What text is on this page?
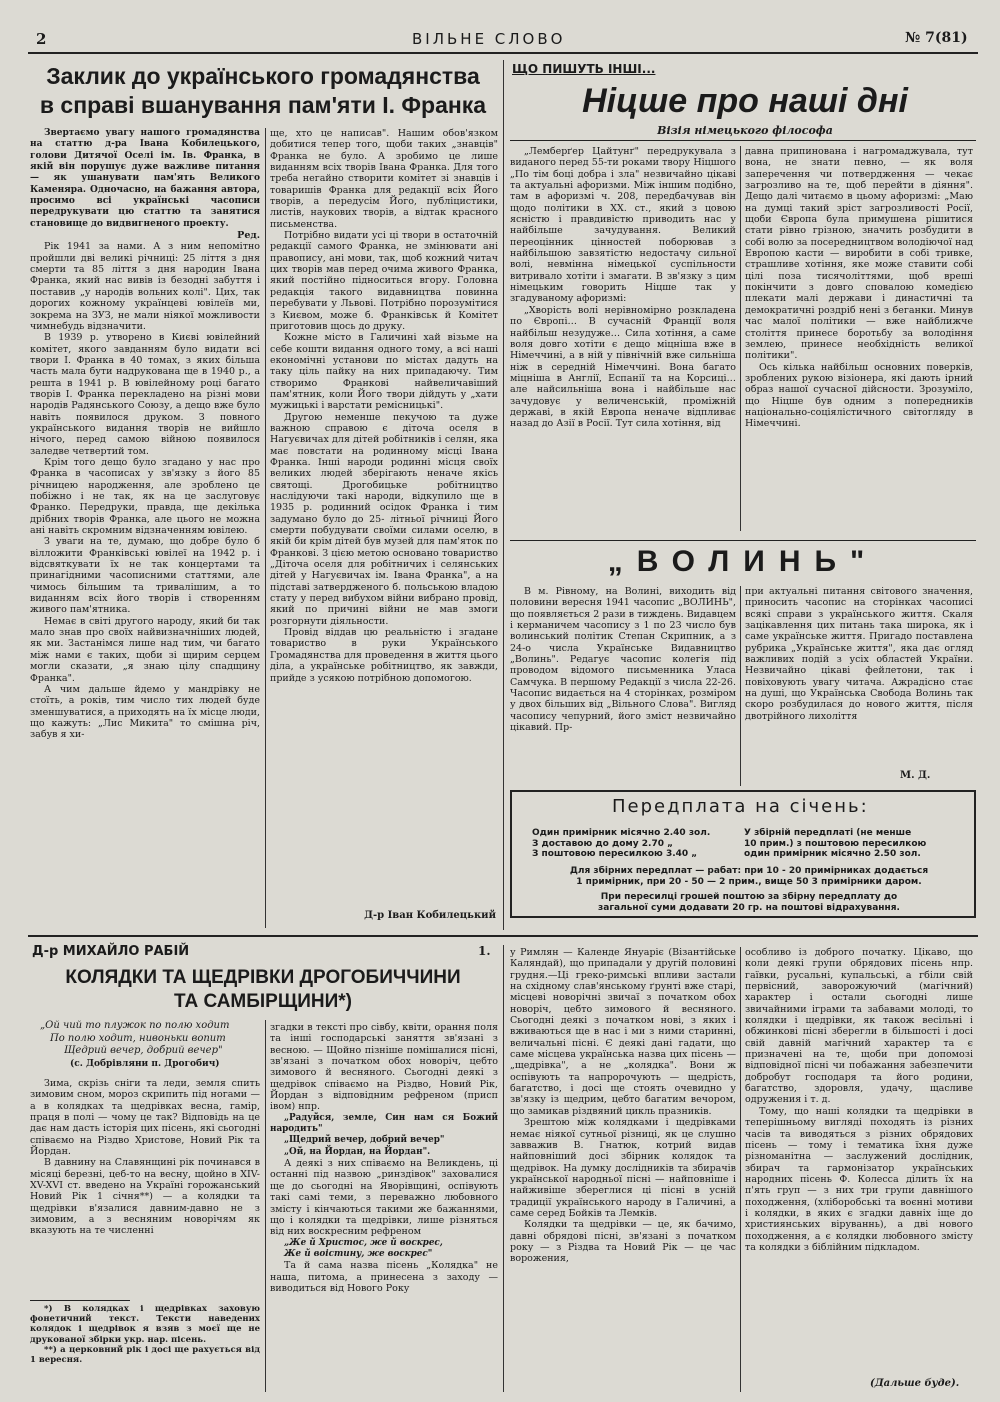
2	ВІЛЬНЕ СЛОВО	№ 7(81)
Заклик до українського громадянства
в справі вшанування пам'яти І. Франка

Звертаємо увагу нашого громадянства на статтю д-ра Івана Кобилецького, голови Дитячої Оселі ім. Ів. Франка, в якій він порушує дуже важливе питання — як ушанувати пам'ять Великого Каменяра. Одночасно, на бажання автора, просимо всі українські часописи передрукувати цю статтю та занятися становище до видвигненого проекту.

Ред.

Рік 1941 за нами. А з ним непомітно пройшли дві великі річниці: 25 ліття з дня смерти та 85 ліття з дня народин Івана Франка, який нас вивів із безодні забуття і поставив „у народів вольних колі". Цих, так дорогих кожному українцеві ювілеїв ми, зокрема на ЗУЗ, не мали ніякої можливости чимнебудь відзначити.

В 1939 р. утворено в Києві ювілейний комітет, якого завданням було видати всі твори І. Франка в 40 томах, з яких більша часть мала бути надрукована ще в 1940 р., а решта в 1941 р. В ювілейному році багато творів І. Франка перекладено на різні мови народів Радянського Союзу, а дещо вже було навіть появилося друком. З повного українського видання творів не вийшло нічого, перед самою війною появилося заледве четвертий том.

Крім того дещо було згадано у нас про Франка в часописах у зв'язку з його 85 річницею народження, але зроблено це побіжно і не так, як на це заслуговує Франко. Передруки, правда, ще декілька дрібних творів Франка, але цього не можна ані навіть скромним відзначенням ювілею.

З уваги на те, думаю, що добре було б вілложити Франківські ювілеї на 1942 р. і відсвяткувати їх не так концертами та принагідними часописними статтями, але чимось більшим та тривалішим, а то виданням всіх його творів і створенням живого пам'ятника.

Немає в світі другого народу, який би так мало знав про своїх найвизначніших людей, як ми. Застанімся лише над тим, чи багато між нами є таких, щоби зі щирим серцем могли сказати, „я знаю цілу спадщину Франка".

А чим дальше йдемо у мандрівку не стоїть, а років, тим число тих людей буде зменшуватися, а приходять на їх місце люди, що кажуть: „Лис Микита" то смішна річ, забув я хи-

ще, хто це написав". Нашим обов'язком добитися тепер того, щоби таких „знавців" Франка не було. А зробимо це лише виданням всіх творів Івана Франка. Для того треба негайно створити комітет зі знавців і товаришів Франка для редакції всіх Його творів, а передусім Його, публіцистики, листів, наукових творів, а відтак красного письменства.

Потрібно видати усі ці твори в остаточній редакції самого Франка, не змінювати ані правопису, ані мови, так, щоб кожний читач цих творів мав перед очима живого Франка, який постійно підноситься вгору. Головна редакція такого видавництва повинна перебувати у Львові. Потрібно порозумітися з Києвом, може б. Франківськ й Комітет приготовив щось до друку.

Кожне місто в Галичині хай візьме на себе кошти видання одного тому, а всі наші економічні установи по містах дадуть на таку ціль пайку на них припадаючу. Тим створимо Франкові найвеличавіший пам'ятник, коли Його твори дійдуть у „хати мужицькі і варстати ремісницькі".

Другою неменше пекучою та дуже важною справою є діточа оселя в Нагуєвичах для дітей робітників і селян, яка має повстати на родинному місці Івана Франка. Інші народи родинні місця своїх великих людей зберігають неначе якісь святощі. Дрогобицьке робітництво наслідуючи такі народи, відкупило ще в 1935 р. родинний осідок Франка і тим задумано було до 25- літньої річниці Його смерти побудувати своїми силами оселю, в якій би крім дітей був музей для пам'яток по Франкові. З цією метою основано товариство „Діточа оселя для робітничих і селянських дітей у Нагуєвичах ім. Івана Франка", а на підставі затвердженого б. польською владою стату у перед вибухом війни вибрано провід, який по причині війни не мав змоги розгорнути діяльности.

Провід віддав цю реальністю і згадане товариство в руки Українського Громадянства для проведення в життя цього діла, а українське робітництво, як завжди, прийде з усякою потрібною допомогою.

Д-р Іван Кобилецький
ЩО ПИШУТЬ ІНШІ...
Ніцше про наші дні
Візія німецького філософа

„Лемберґер Цайтунґ" передрукувала з виданого перед 55-ти роками твору Ніцшого „По тім боці добра і зла" незвичайно цікаві та актуальні афоризми. Між іншим подібно, там в афоризмі ч. 208, передбачував він щодо політики в XX. ст., який з цовою ясністю і правдивістю приводить нас у найбільше зачудування. Великий переоцінник цінностей поборював з найбільшою завзятістю недостачу сильної волі, невмінна німецької суспільности витривало хотіти і змагати. В зв'язку з цим німецьким говорить Ніцше так у згадуваному афоризмі:

„Хворість волі нерівномірно розкладена по Європі… В сучасній Франції воля найбільш незудуже… Сила хотіння, а саме воля довго хотіти є дещо міцніша вже в Німеччині, а в ній у північній вже сильніша ніж в середній Німеччині. Вона багато міцніша в Англії, Еспанії та на Корсиці… але найсильніша вона і найбільше нас зачудовує у величенській, проміжній державі, в якій Европа неначе відпливає назад до Азії в Росії. Тут сила хотіння, від

давна припинована і нагромаджувала, тут вона, не знати певно, — як воля заперечення чи потвердження — чекає загрозливо на те, щоб перейти в діяння". Дещо далі читаємо в цьому афоризмі: „Маю на думці такий зріст загрозливості Росії, щоби Європа була примушена рішитися стати рівно грізною, значить розбудити в собі волю за посередництвом володіючої над Европою касти — виробити в собі тривке, страшливе хотіння, яке може ставити собі цілі поза тисячоліттями, щоб вреші покінчити з довго сповалою комедією плекати малі держави і династичні та демократичні роздріб нені з беганки. Минув час малої політики — вже найближче століття принесе боротьбу за володіння землею, принесе необхідність великої політики".

Ось кілька найбільш основних поверків, зроблених рукою візіонера, які дають ірний образ нашої сучасної дійсности. Зрозуміло, що Ніцше був одним з попередників національно-соціялістичного світогляду в Німеччині.

„ВОЛИНЬ"

В м. Рівному, на Волині, виходить від половини вересня 1941 часопис „ВОЛИНЬ", що появляється 2 рази в тиждень. Видавцем і керманичем часопису з 1 по 23 число був волинський політик Степан Скрипник, а з 24-о числа Українське Видавництво „Волинь". Редагує часопис колегія під проводом відомого письменника Уласа Самчука. В першому Редакції з числа 22-26. Часопис видається на 4 сторінках, розміром у двох більших від „Вільного Слова". Вигляд часопису чепурний, його зміст незвичайно цікавий. Пр-

при актуальні питання світового значення, приносить часопис на сторінках часописі всякі справи з українського життя. Скаля зацікавлення цих питань така широка, як і саме українське життя. Пригадо поставлена рубрика „Українське життя", яка дає огляд важливих подій з усіх областей України. Незвичайно цікаві фейлетони, так і повіховують увагу читача. Ажрадісно стає на душі, що Українська Свобода Волинь так скоро розбудилася до нового життя, після двотрійного лихоліття

М. Д.
Передплата на січень:
Один примірник місячно 2.40 зол.
З доставою до дому 2.70 „
З поштовою пересилкою 3.40 „
У збірній передплаті (не менше
10 прим.) з поштовою пересилкою
один примірник місячно 2.50 зол.
Для збірних передплат — рабат: при 10 - 20 примірниках додається
1 примірник, при 20 - 50 — 2 прим., вище 50 3 примірники даром.
При пересилці грошей поштою за збірну передплату до
загальної суми додавати 20 гр. на поштові відрахування.
Д-р МИХАЙЛО РАБІЙ	1.
КОЛЯДКИ ТА ЩЕДРІВКИ ДРОГОБИЧЧИНИ
ТА САМБІРЩИНИ*)
„Ой чий то плужок по полю ходит
По полю ходит, нивоньки вопит
Щедрий вечер, добрий вечер"
(с. Добрівляни п. Дрогобич)

Зима, скрізь сніги та леди, земля спить зимовим сном, мороз скрипить під ногами — а в колядках та щедрівках весна, гамір, праця в полі — чому це так? Відповідь на це дає нам дасть історія цих пісень, які сьогодні співаємо на Різдво Христове, Новий Рік та Йордан.

В давнину на Славянщині рік починався в місяці березні, цеб-то на весну, щойно в XIV-XV-XVI ст. введено на Україні горожанський Новий Рік 1 січня**) — а колядки та щедрівки в'язалися давним-давно не з зимовим, а з весняним новорічям як вказують на те численні

*) В колядках і щедрівках заховую фонетичний текст. Тексти наведених колядок і щедрівок я взяв з моєї ще не друкованої збірки укр. нар. пісень.

**) а церковний рік і досі ще рахується від 1 вересня.

згадки в тексті про сівбу, квіти, орання поля та інші господарські заняття зв'язані з весною. — Щойно пізніше помішалися пісні, зв'язані з початком обох новоріч, цебто зимового й весняного. Сьогодні деякі з щедрівок співаємо на Різдво, Новий Рік, Йордан з відповідним рефреном (присп івом) нпр.

„Радуйся, земле, Син нам ся Божий народить"

„Щедрий вечер, добрий вечер"

„Ой, на Йордан, на Йордан".

А деякі з них співаємо на Великдень, ці останні під назвою „ринздівок" заховалися ще до сьогодні на Яворівщині, оспівують такі самі теми, з переважно любовного змісту і кінчаються такими же бажаннями, що і колядки та щедрівки, лише різняться від них воскресним рефреном

„Же й Христос, же й воскрес,

Же й воістину, же воскрес"

Та й сама назва пісень „Колядка" не наша, питома, а принесена з заходу — виводиться від Нового Року

у Римлян — Календе Януаріє (Візантійське Каляндай), що припадали у другій половині грудня.—Ці греко-римські впливи застали на східному слав'янському ґрунті вже старі, місцеві новорічні звичаї з початком обох новоріч, цебто зимового й весняного. Сьогодні деякі з початком нові, з яких і вживаються ще в нас і ми з ними старинні, величальні пісні. Є деякі дані гадати, що саме місцева українська назва цих пісень — „щедрівка", а не „колядка". Вони ж оспівують та напророчують — щедрість, багатство, і досі ще стоять очевидно у зв'язку із щедрим, цебто багатим вечором, що замикав різдвяний цикль празників.

Зрештою між колядками і щедрівками немає ніякої сутньої різниці, як це слушно завважив В. Гнатюк, котрий видав найповніший досі збірник колядок та щедрівок. На думку дослідників та збирачів української народньої пісні — найповніше і найживіше збереглися ці пісні в усній традиції українського народу в Галичині, а саме серед Бойків та Лемків.

Колядки та щедрівки — це, як бачимо, давні обрядові пісні, зв'язані з початком року — з Різдва та Новий Рік — це час ворожения,

особливо із доброго початку. Цікаво, що коли деякі групи обрядових пісень нпр. гаївки, русальні, купальські, а гбіли свій первісний, заворожуючий (магічний) характер і остали сьогодні лише звичайними іграми та забавами молоді, то колядки і щедрівки, як також весільні і обжинкові пісні зберегли в більшості і досі свій давній магічний характер та є призначені на те, щоби при допомозі відповідної пісні чи побажання забезпечити добробут господаря та його родини, багатство, здоровля, удачу, щасливе одружения і т. д.

Тому, що наші колядки та щедрівки в теперішньому вигляді походять із різних часів та виводяться з різних обрядових пісень — тому і тематика їхня дуже різноманітна — заслужений дослідник, збирач та гармонізатор українських народних пісень Ф. Колесса ділить їх на п'ять груп — з них три групи давнішого походження, (хліборобські та воєнні мотиви і колядки, в яких є згадки давніх іще до християнських віруваннь), а дві нового походження, а є колядки любовного змісту та колядки з біблійним підкладом.

(Дальше буде).
